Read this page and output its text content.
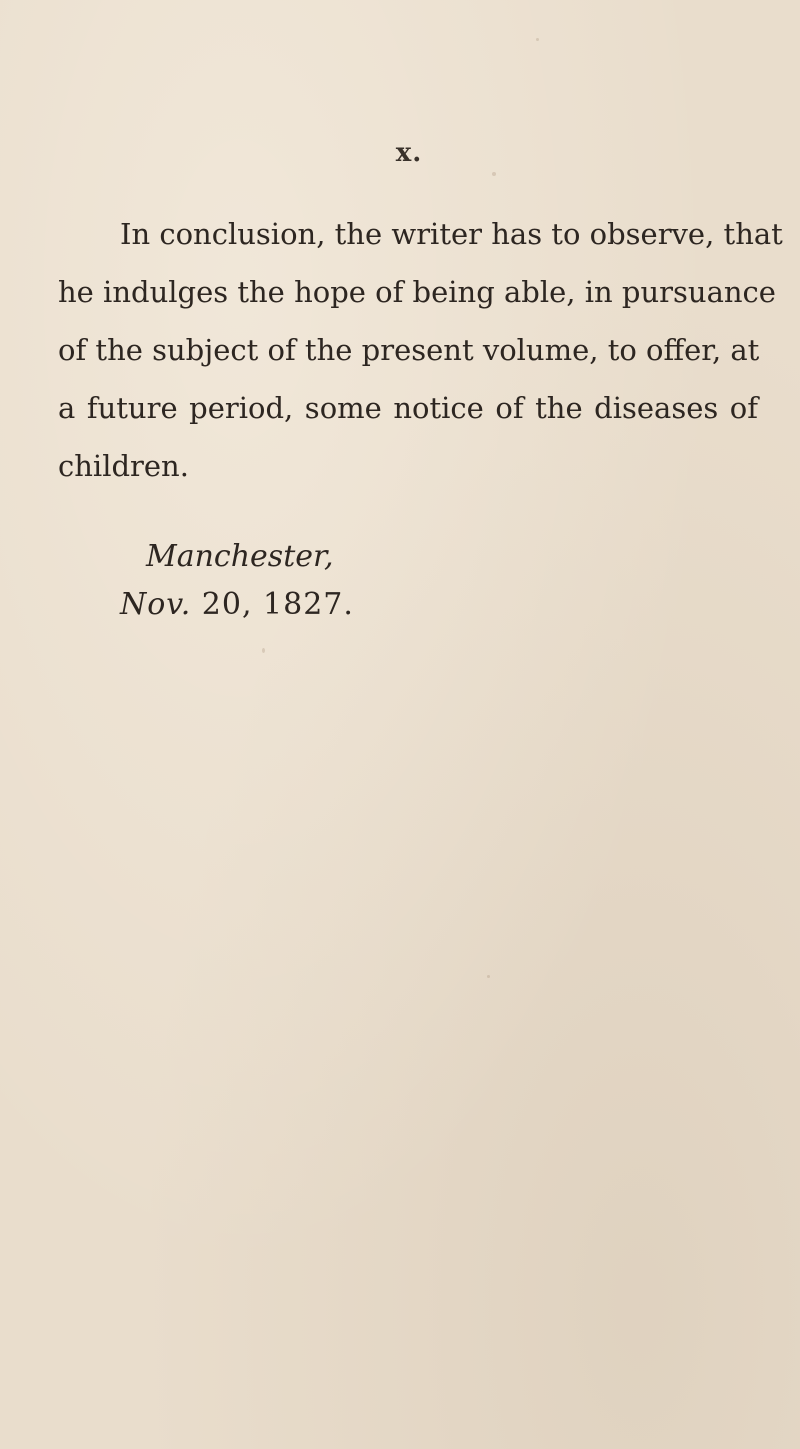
x.
In conclusion, the writer has to observe, that
he indulges the hope of being able, in pursuance
of the subject of the present volume, to offer, at
a future period, some notice of the diseases of
children.
Manchester,
Nov. 20, 1827.
